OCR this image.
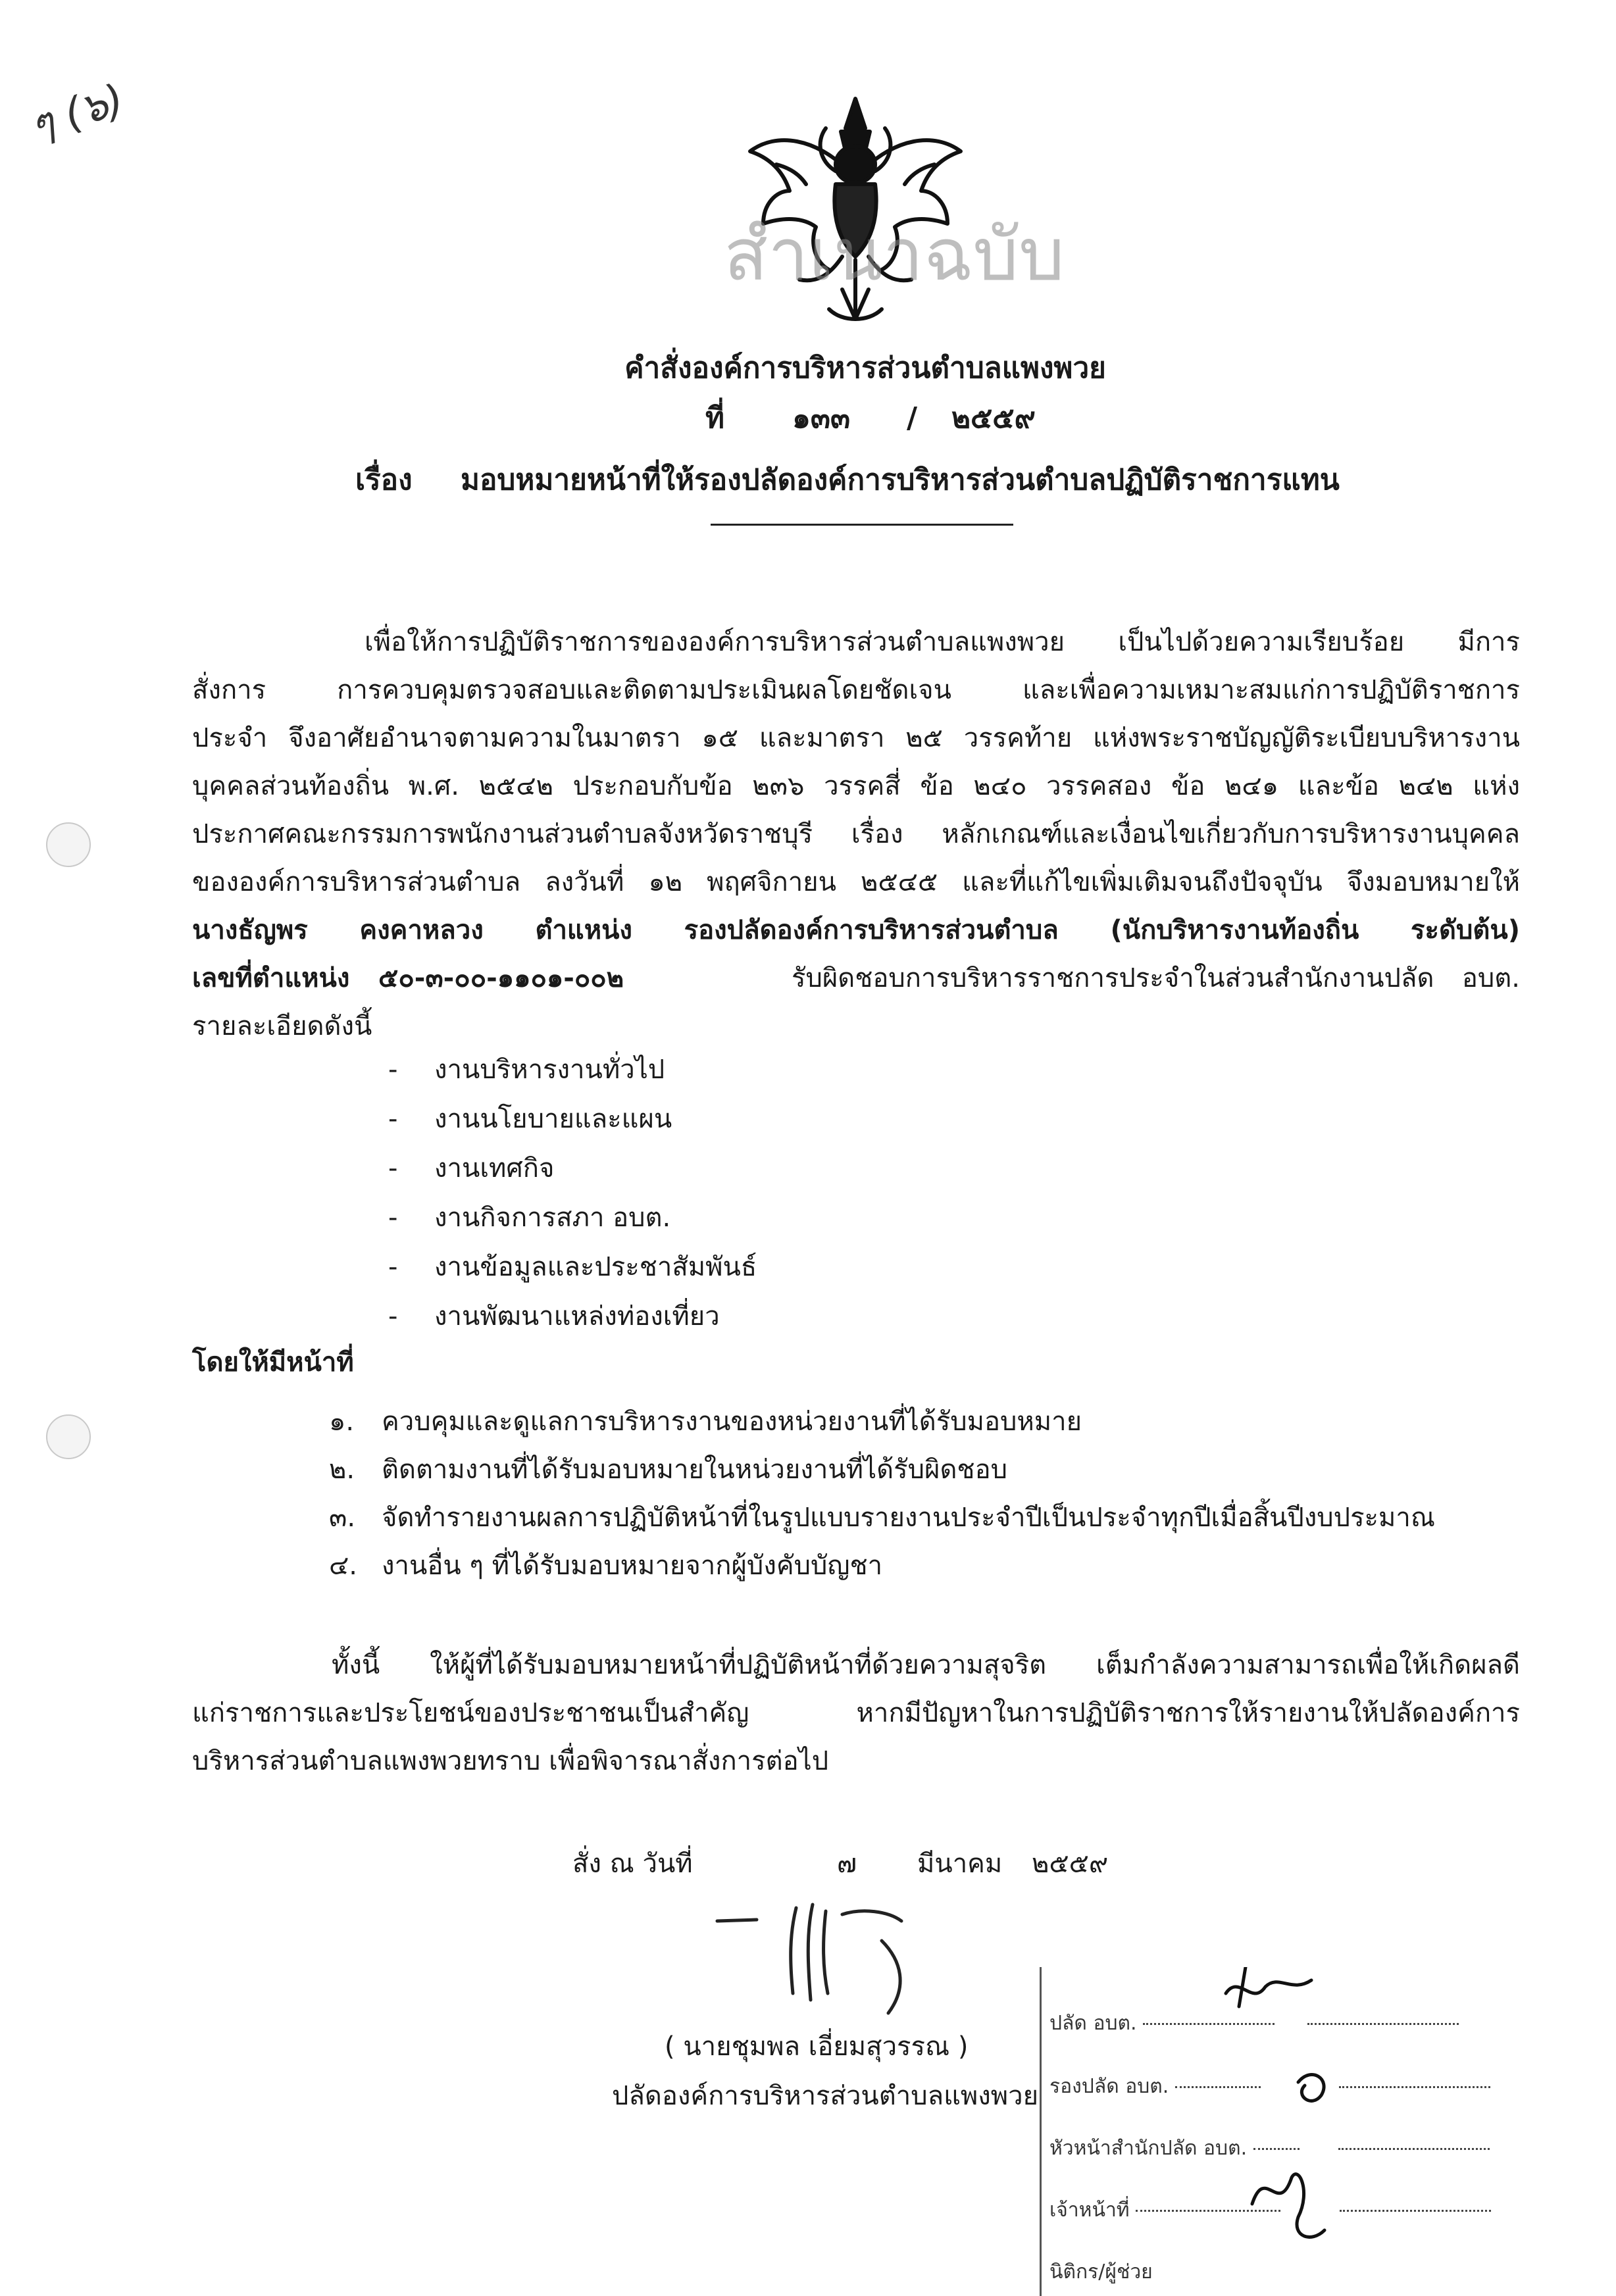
ๆ (๖)
สำเนาฉบับ
คำสั่งองค์การบริหารส่วนตำบลแพงพวย
ที่ ๑๓๓ / ๒๕๕๙
เรื่อง มอบหมายหน้าที่ให้รองปลัดองค์การบริหารส่วนตำบลปฏิบัติราชการแทน
เพื่อให้การปฏิบัติราชการขององค์การบริหารส่วนตำบลแพงพวย เป็นไปด้วยความเรียบร้อย มีการ
สั่งการ การควบคุมตรวจสอบและติดตามประเมินผลโดยชัดเจน และเพื่อความเหมาะสมแก่การปฏิบัติราชการ
ประจำ จึงอาศัยอำนาจตามความในมาตรา ๑๕ และมาตรา ๒๕ วรรคท้าย แห่งพระราชบัญญัติระเบียบบริหารงาน
บุคคลส่วนท้องถิ่น พ.ศ. ๒๕๔๒ ประกอบกับข้อ ๒๓๖ วรรคสี่ ข้อ ๒๔๐ วรรคสอง ข้อ ๒๔๑ และข้อ ๒๔๒ แห่ง
ประกาศคณะกรรมการพนักงานส่วนตำบลจังหวัดราชบุรี เรื่อง หลักเกณฑ์และเงื่อนไขเกี่ยวกับการบริหารงานบุคคล
ขององค์การบริหารส่วนตำบล ลงวันที่ ๑๒ พฤศจิกายน ๒๕๔๕ และที่แก้ไขเพิ่มเติมจนถึงปัจจุบัน จึงมอบหมายให้
นางธัญพร คงคาหลวง ตำแหน่ง รองปลัดองค์การบริหารส่วนตำบล (นักบริหารงานท้องถิ่น ระดับต้น)
เลขที่ตำแหน่ง ๕๐-๓-๐๐-๑๑๐๑-๐๐๒	รับผิดชอบการบริหารราชการประจำในส่วนสำนักงานปลัด อบต.
รายละเอียดดังนี้
- งานบริหารงานทั่วไป
- งานนโยบายและแผน
- งานเทศกิจ
- งานกิจการสภา อบต.
- งานข้อมูลและประชาสัมพันธ์
- งานพัฒนาแหล่งท่องเที่ยว
โดยให้มีหน้าที่
๑. ควบคุมและดูแลการบริหารงานของหน่วยงานที่ได้รับมอบหมาย
๒. ติดตามงานที่ได้รับมอบหมายในหน่วยงานที่ได้รับผิดชอบ
๓. จัดทำรายงานผลการปฏิบัติหน้าที่ในรูปแบบรายงานประจำปีเป็นประจำทุกปีเมื่อสิ้นปีงบประมาณ
๔. งานอื่น ๆ ที่ได้รับมอบหมายจากผู้บังคับบัญชา
ทั้งนี้ ให้ผู้ที่ได้รับมอบหมายหน้าที่ปฏิบัติหน้าที่ด้วยความสุจริต เต็มกำลังความสามารถเพื่อให้เกิดผลดี
แก่ราชการและประโยชน์ของประชาชนเป็นสำคัญ หากมีปัญหาในการปฏิบัติราชการให้รายงานให้ปลัดองค์การ
บริหารส่วนตำบลแพงพวยทราบ เพื่อพิจารณาสั่งการต่อไป
สั่ง ณ วันที่	๗ มีนาคม ๒๕๕๙
( นายชุมพล เอี่ยมสุวรรณ )
ปลัดองค์การบริหารส่วนตำบลแพงพวย
ปลัด อบต.
รองปลัด อบต.
หัวหน้าสำนักปลัด อบต.
เจ้าหน้าที่
นิติกร/ผู้ช่วย
